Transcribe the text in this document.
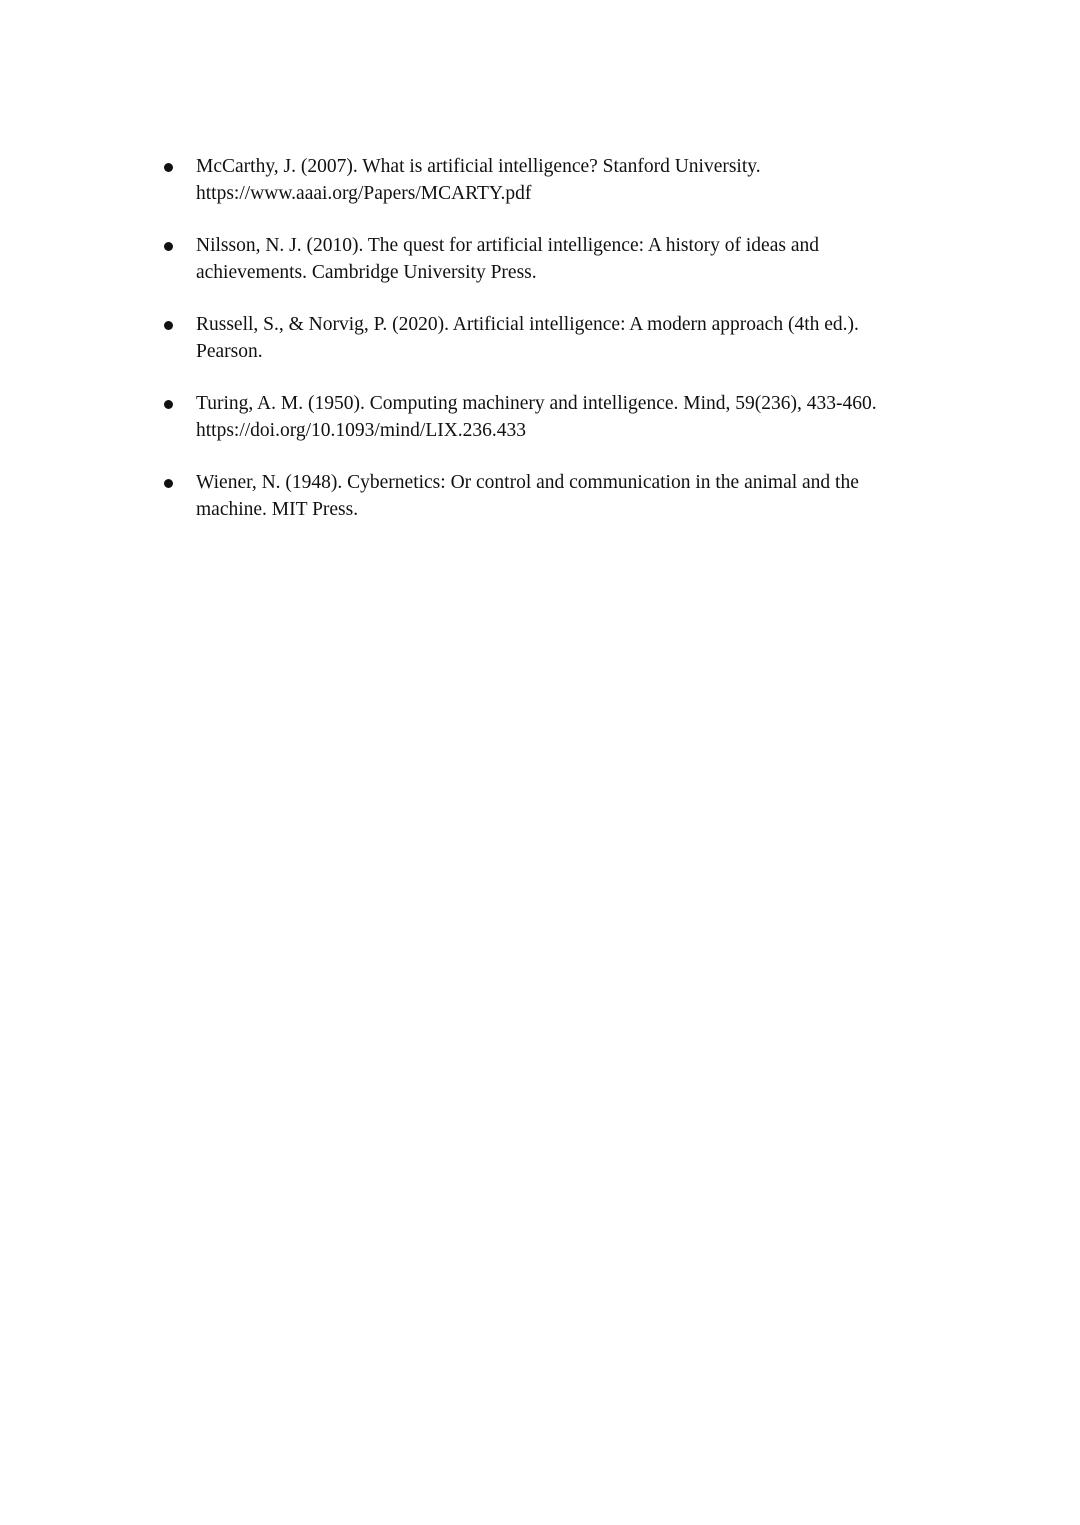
McCarthy, J. (2007). What is artificial intelligence? Stanford University.
https://www.aaai.org/Papers/MCARTY.pdf
Nilsson, N. J. (2010). The quest for artificial intelligence: A history of ideas and
achievements. Cambridge University Press.
Russell, S., & Norvig, P. (2020). Artificial intelligence: A modern approach (4th ed.).
Pearson.
Turing, A. M. (1950). Computing machinery and intelligence. Mind, 59(236), 433-460.
https://doi.org/10.1093/mind/LIX.236.433
Wiener, N. (1948). Cybernetics: Or control and communication in the animal and the
machine. MIT Press.
